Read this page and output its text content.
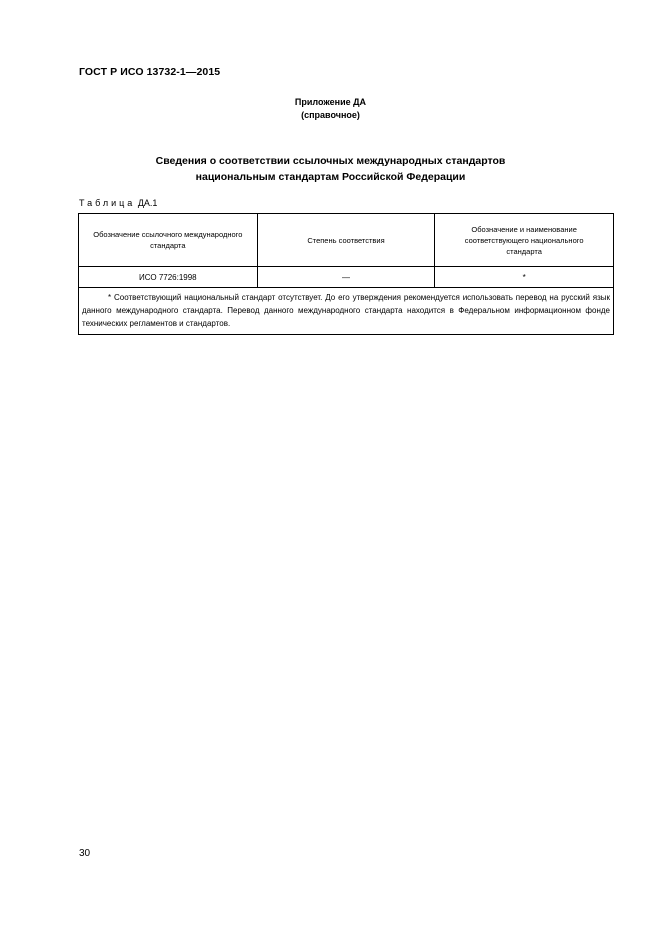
ГОСТ Р ИСО 13732-1—2015
Приложение ДА
(справочное)
Сведения о соответствии ссылочных международных стандартов
национальным стандартам Российской Федерации
Таблица ДА.1
Обозначение ссылочного международного стандарта	Степень соответствия	Обозначение и наименование соответствующего национального стандарта
ИСО 7726:1998	—	*
* Соответствующий национальный стандарт отсутствует. До его утверждения рекомендуется использовать перевод на русский язык данного международного стандарта. Перевод данного международного стандарта находится в Федеральном информационном фонде технических регламентов и стандартов.		
30
